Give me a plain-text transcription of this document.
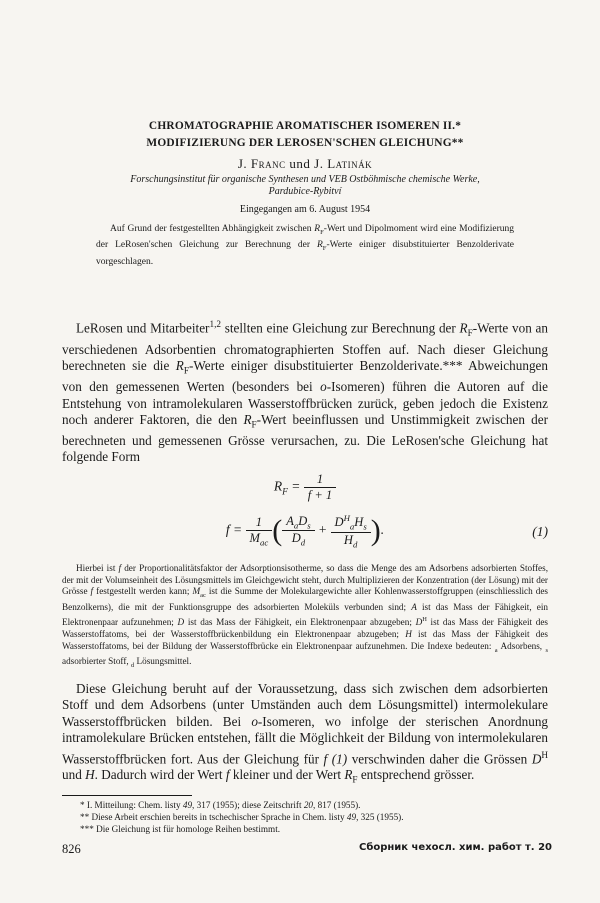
CHROMATOGRAPHIE AROMATISCHER ISOMEREN II.*

MODIFIZIERUNG DER LEROSEN'SCHEN GLEICHUNG**

J. Franc und J. Latinák
Forschungsinstitut für organische Synthesen und VEB Ostböhmische chemische Werke,
Pardubice-Rybitví
Eingegangen am 6. August 1954

Auf Grund der festgestellten Abhängigkeit zwischen $R_F$-Wert und Dipolmoment wird eine Modifizierung der LeRosen'schen Gleichung zur Berechnung der $R_F$-Werte einiger disubstituierter Benzolderivate vorgeschlagen.

LeRosen und Mitarbeiter$^{1,2}$ stellten eine Gleichung zur Berechnung der $R_F$-Werte von an verschiedenen Adsorbentien chromatographierten Stoffen auf. Nach dieser Gleichung berechneten sie die $R_F$-Werte einiger disubstituierter Benzolderivate.*** Abweichungen von den gemessenen Werten (besonders bei o-Isomeren) führen die Autoren auf die Entstehung von intramolekularen Wasserstoffbrücken zurück, geben jedoch die Existenz noch anderer Faktoren, die den $R_F$-Wert beeinflussen und Unstimmigkeit zwischen der berechneten und gemessenen Grösse verursachen, zu. Die LeRosen'sche Gleichung hat folgende Form

$R_F = \frac{1}{f + 1}$
$f = \frac{1}{M_{ac}}$ ( $\frac{A_aD_s}{D_d} + \frac{D^H_aH_s}{H_d}$ ).	(1)

Hierbei ist f der Proportionalitätsfaktor der Adsorptionsisotherme, so dass die Menge des am Adsorbens adsorbierten Stoffes, der mit der Volumseinheit des Lösungsmittels im Gleichgewicht steht, durch Multiplizieren der Konzentration (der Lösung) mit der Grösse f festgestellt werden kann; $M_{ac}$ ist die Summe der Molekulargewichte aller Kohlenwasserstoffgruppen (einschliesslich des Benzolkerns), die mit der Funktionsgruppe des adsorbierten Moleküls verbunden sind; A ist das Mass der Fähigkeit, ein Elektronenpaar aufzunehmen; D ist das Mass der Fähigkeit, ein Elektronenpaar abzugeben; $D^H$ ist das Mass der Fähigkeit des Wasserstoffatoms, bei der Wasserstoffbrückenbildung ein Elektronenpaar abzugeben; H ist das Mass der Fähigkeit des Wasserstoffatoms, bei der Bildung der Wasserstoffbrücke ein Elektronenpaar aufzunehmen. Die Indexe bedeuten: $_a$ Adsorbens, $_s$ adsorbierter Stoff, $_d$ Lösungsmittel.

Diese Gleichung beruht auf der Voraussetzung, dass sich zwischen dem adsorbierten Stoff und dem Adsorbens (unter Umständen auch dem Lösungsmittel) intermolekulare Wasserstoffbrücken bilden. Bei o-Isomeren, wo infolge der sterischen Anordnung intramolekulare Brücken entstehen, fällt die Möglichkeit der Bildung von intermolekularen Wasserstoffbrücken fort. Aus der Gleichung für f (1) verschwinden daher die Grössen $D^H$ und H. Dadurch wird der Wert f kleiner und der Wert $R_F$ entsprechend grösser.

* I. Mitteilung: Chem. listy 49, 317 (1955); diese Zeitschrift 20, 817 (1955).
** Diese Arbeit erschien bereits in tschechischer Sprache in Chem. listy 49, 325 (1955).
*** Die Gleichung ist für homologe Reihen bestimmt.
826	Сборник чехосл. хим. работ т. 20
